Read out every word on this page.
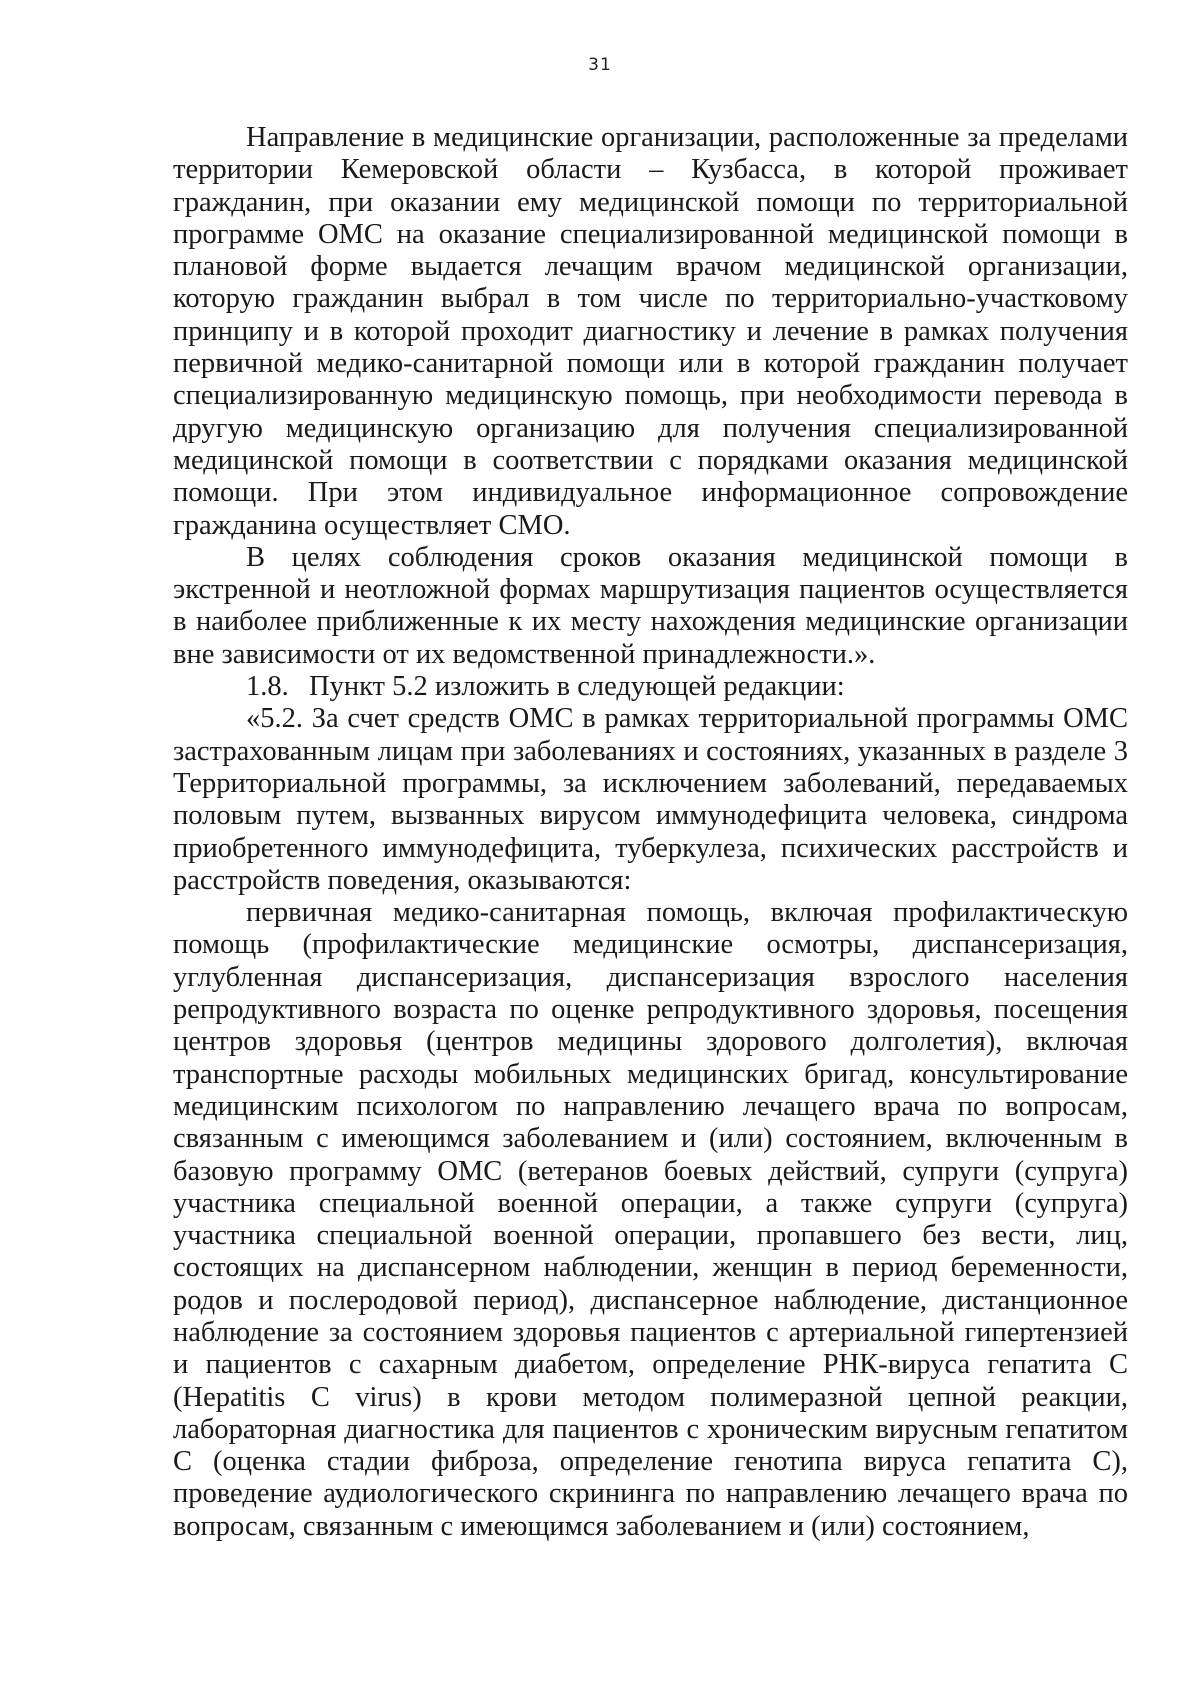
31

Направление в медицинские организации, расположенные за пределами территории Кемеровской области – Кузбасса, в которой проживает гражданин, при оказании ему медицинской помощи по территориальной программе ОМС на оказание специализированной медицинской помощи в плановой форме выдается лечащим врачом медицинской организации, которую гражданин выбрал в том числе по территориально-участковому принципу и в которой проходит диагностику и лечение в рамках получения первичной медико-санитарной помощи или в которой гражданин получает специализированную медицинскую помощь, при необходимости перевода в другую медицинскую организацию для получения специализированной медицинской помощи в соответствии с порядками оказания медицинской помощи. При этом индивидуальное информационное сопровождение гражданина осуществляет СМО.

В целях соблюдения сроков оказания медицинской помощи в экстренной и неотложной формах маршрутизация пациентов осуществляется в наиболее приближенные к их месту нахождения медицинские организации вне зависимости от их ведомственной принадлежности.».

1.8. Пункт 5.2 изложить в следующей редакции:

«5.2. За счет средств ОМС в рамках территориальной программы ОМС застрахованным лицам при заболеваниях и состояниях, указанных в разделе 3 Территориальной программы, за исключением заболеваний, передаваемых половым путем, вызванных вирусом иммунодефицита человека, синдрома приобретенного иммунодефицита, туберкулеза, психических расстройств и расстройств поведения, оказываются:

первичная медико-санитарная помощь, включая профилактическую помощь (профилактические медицинские осмотры, диспансеризация, углубленная диспансеризация, диспансеризация взрослого населения репродуктивного возраста по оценке репродуктивного здоровья, посещения центров здоровья (центров медицины здорового долголетия), включая транспортные расходы мобильных медицинских бригад, консультирование медицинским психологом по направлению лечащего врача по вопросам, связанным с имеющимся заболеванием и (или) состоянием, включенным в базовую программу ОМС (ветеранов боевых действий, супруги (супруга) участника специальной военной операции, а также супруги (супруга) участника специальной военной операции, пропавшего без вести, лиц, состоящих на диспансерном наблюдении, женщин в период беременности, родов и послеродовой период), диспансерное наблюдение, дистанционное наблюдение за состоянием здоровья пациентов с артериальной гипертензией и пациентов с сахарным диабетом, определение РНК-вируса гепатита С (Hepatitis C virus) в крови методом полимеразной цепной реакции, лабораторная диагностика для пациентов с хроническим вирусным гепатитом С (оценка стадии фиброза, определение генотипа вируса гепатита С), проведение аудиологического скрининга по направлению лечащего врача по вопросам, связанным с имеющимся заболеванием и (или) состоянием,
